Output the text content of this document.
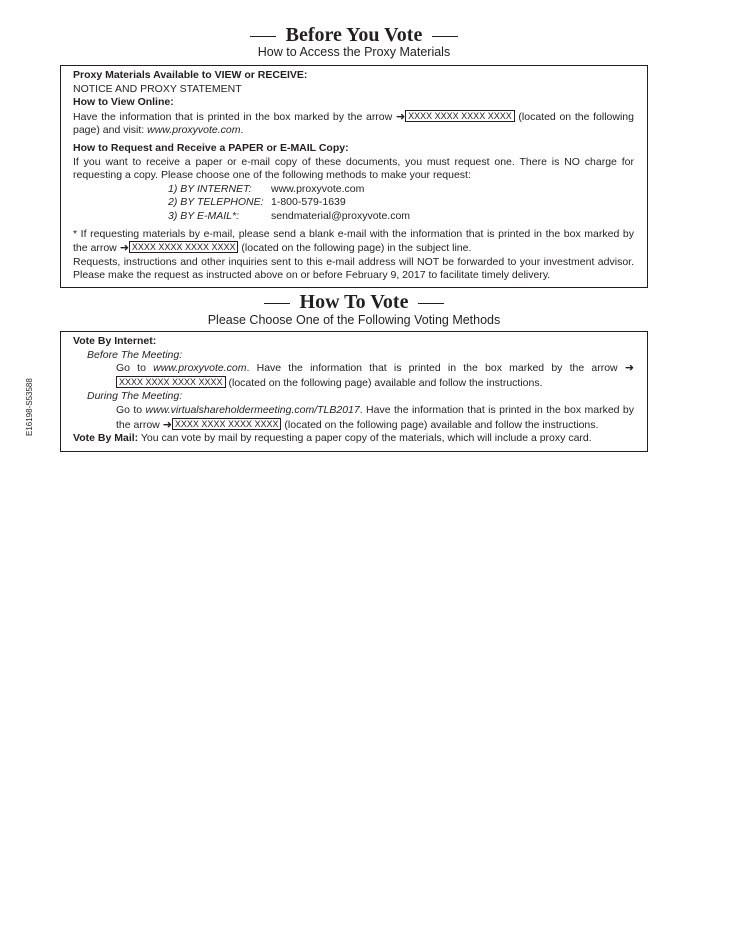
Before You Vote
How to Access the Proxy Materials

Proxy Materials Available to VIEW or RECEIVE:

NOTICE AND PROXY STATEMENT

How to View Online:

Have the information that is printed in the box marked by the arrow ➜ XXXX XXXX XXXX XXXX (located on the following page) and visit: www.proxyvote.com.

How to Request and Receive a PAPER or E-MAIL Copy:

If you want to receive a paper or e-mail copy of these documents, you must request one. There is NO charge for requesting a copy. Please choose one of the following methods to make your request:

1) BY INTERNET:	www.proxyvote.com
2) BY TELEPHONE: 1-800-579-1639
3) BY E-MAIL*:	sendmaterial@proxyvote.com

* If requesting materials by e-mail, please send a blank e-mail with the information that is printed in the box marked by the arrow ➜ XXXX XXXX XXXX XXXX (located on the following page) in the subject line.

Requests, instructions and other inquiries sent to this e-mail address will NOT be forwarded to your investment advisor. Please make the request as instructed above on or before February 9, 2017 to facilitate timely delivery.

How To Vote
Please Choose One of the Following Voting Methods

Vote By Internet:

Before The Meeting:

Go to www.proxyvote.com. Have the information that is printed in the box marked by the arrow ➜XXXX XXXX XXXX XXXX (located on the following page) available and follow the instructions.

During The Meeting:

Go to www.virtualshareholdermeeting.com/TLB2017. Have the information that is printed in the box marked by the arrow ➜ XXXX XXXX XXXX XXXX (located on the following page) available and follow the instructions.

Vote By Mail: You can vote by mail by requesting a paper copy of the materials, which will include a proxy card.

E16198-S53588
